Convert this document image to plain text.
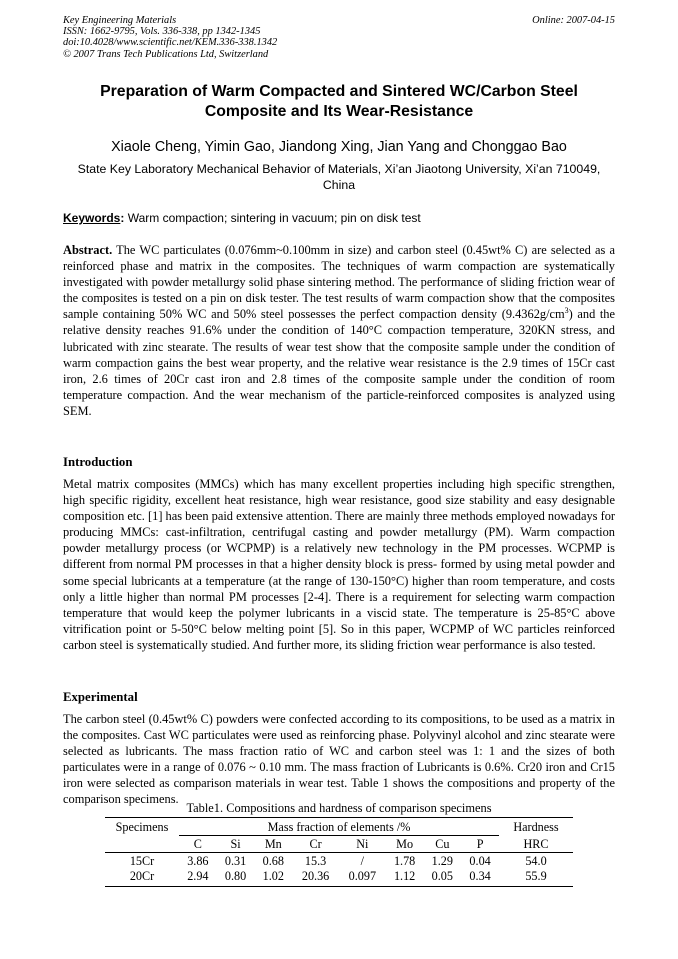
Key Engineering Materials
ISSN: 1662-9795, Vols. 336-338, pp 1342-1345
doi:10.4028/www.scientific.net/KEM.336-338.1342
© 2007 Trans Tech Publications Ltd, Switzerland
Online: 2007-04-15
Preparation of Warm Compacted and Sintered WC/Carbon Steel
Composite and Its Wear-Resistance
Xiaole Cheng, Yimin Gao, Jiandong Xing, Jian Yang and Chonggao Bao
State Key Laboratory Mechanical Behavior of Materials, Xi’an Jiaotong University, Xi’an 710049, China
Keywords: Warm compaction; sintering in vacuum; pin on disk test

Abstract. The WC particulates (0.076mm~0.100mm in size) and carbon steel (0.45wt% C) are selected as a reinforced phase and matrix in the composites. The techniques of warm compaction are systematically investigated with powder metallurgy solid phase sintering method. The performance of sliding friction wear of the composites is tested on a pin on disk tester. The test results of warm compaction show that the composites sample containing 50% WC and 50% steel possesses the perfect compaction density $(9.4362g/cm^3)$ and the relative density reaches 91.6% under the condition of 140°C compaction temperature, 320KN stress, and lubricated with zinc stearate. The results of wear test show that the composite sample under the condition of warm compaction gains the best wear property, and the relative wear resistance is the 2.9 times of 15Cr cast iron, 2.6 times of 20Cr cast iron and 2.8 times of the composite sample under the condition of room temperature compaction. And the wear mechanism of the particle-reinforced composites is analyzed using SEM.

Introduction

Metal matrix composites (MMCs) which has many excellent properties including high specific strengthen, high specific rigidity, excellent heat resistance, high wear resistance, good size stability and easy designable composition etc. [1] has been paid extensive attention. There are mainly three methods employed nowadays for producing MMCs: cast-infiltration, centrifugal casting and powder metallurgy (PM). Warm compaction powder metallurgy process (or WCPMP) is a relatively new technology in the PM processes. WCPMP is different from normal PM processes in that a higher density block is press- formed by using metal powder and some special lubricants at a temperature (at the range of 130-150°C) higher than room temperature, and costs only a little higher than normal PM processes [2-4]. There is a requirement for selecting warm compaction temperature that would keep the polymer lubricants in a viscid state. The temperature is 25-85°C above vitrification point or 5-50°C below melting point [5]. So in this paper, WCPMP of WC particles reinforced carbon steel is systematically studied. And further more, its sliding friction wear performance is also tested.

Experimental

The carbon steel (0.45wt% C) powders were confected according to its compositions, to be used as a matrix in the composites. Cast WC particulates were used as reinforcing phase. Polyvinyl alcohol and zinc stearate were selected as lubricants. The mass fraction ratio of WC and carbon steel was 1: 1 and the sizes of both particulates were in a range of 0.076 ~ 0.10 mm. The mass fraction of Lubricants is 0.6%. Cr20 iron and Cr15 iron were selected as comparison materials in wear test. Table 1 shows the compositions and property of the comparison specimens.

Table1. Compositions and hardness of comparison specimens
Specimens	Mass fraction of elements /%								Hardness
	C	Si	Mn	Cr	Ni	Mo	Cu	P	HRC
15Cr	3.86	0.31	0.68	15.3	/	1.78	1.29	0.04	54.0
20Cr	2.94	0.80	1.02	20.36	0.097	1.12	0.05	0.34	55.9
